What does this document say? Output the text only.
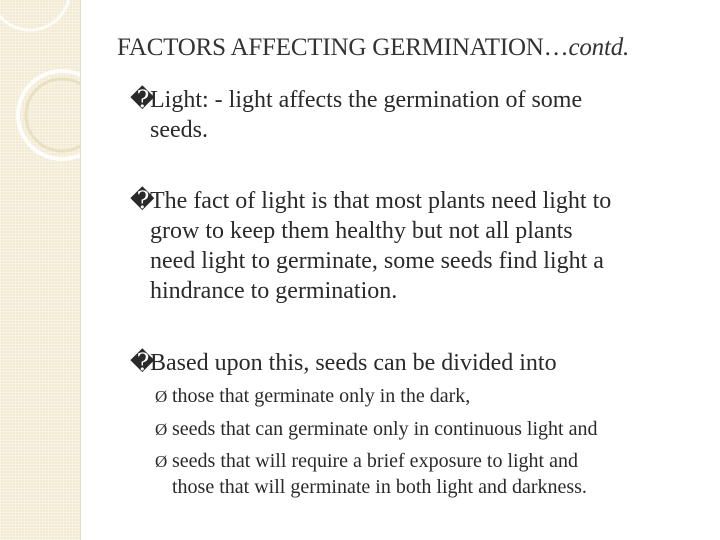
FACTORS AFFECTING GERMINATION…contd.
�Light: - light affects the germination of some
seeds.
�The fact of light is that most plants need light to
grow to keep them healthy but not all plants
need light to germinate, some seeds find light a
hindrance to germination.
�Based upon this, seeds can be divided into
Ø those that germinate only in the dark,
Ø seeds that can germinate only in continuous light and
Ø seeds that will require a brief exposure to light and
those that will germinate in both light and darkness.
